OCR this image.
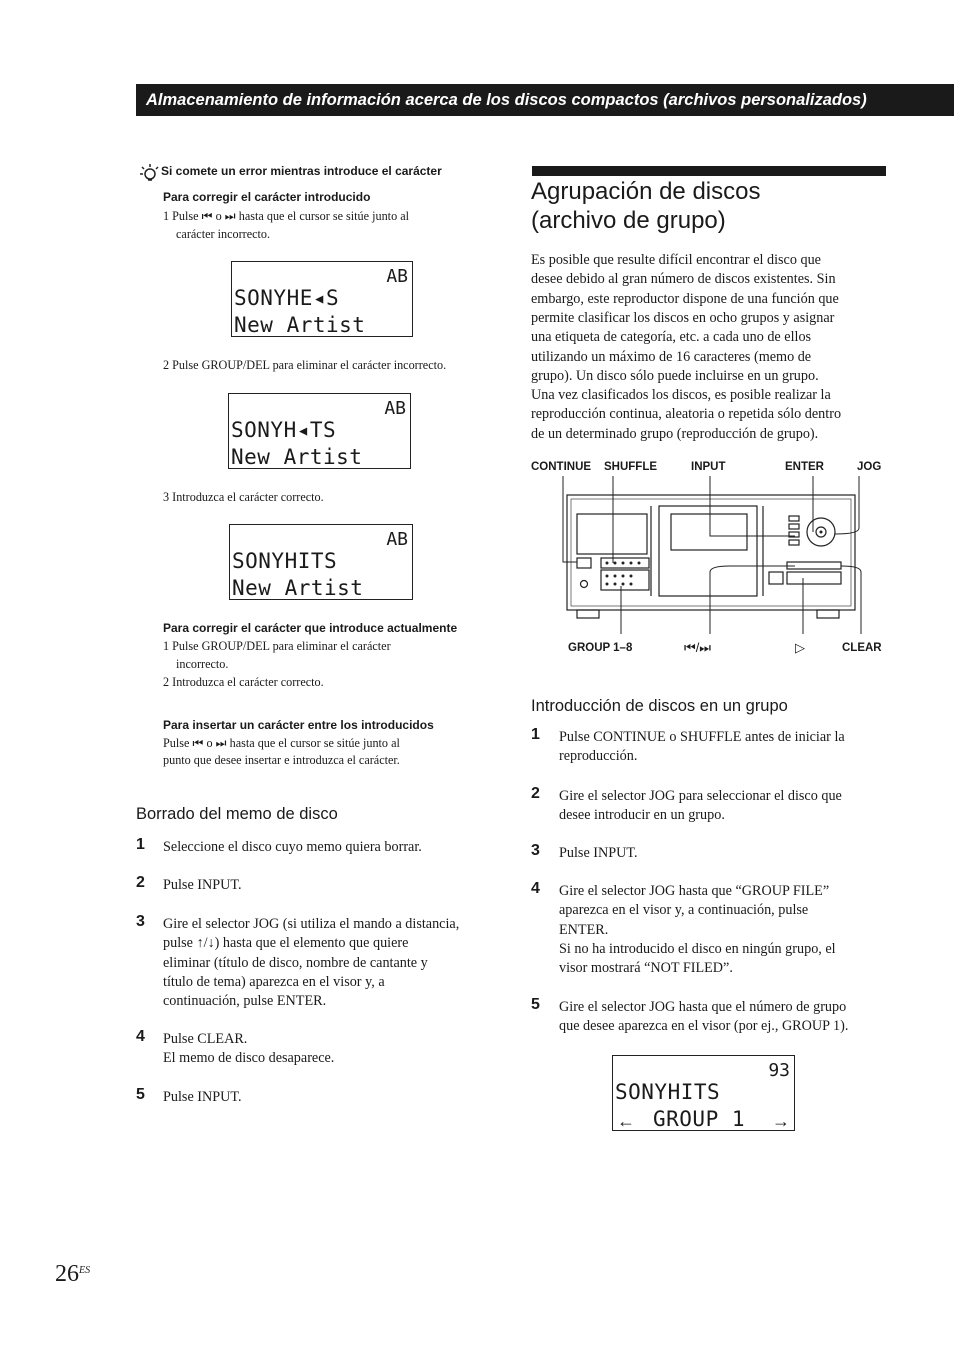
Almacenamiento de información acerca de los discos compactos (archivos personalizados)
Si comete un error mientras introduce el carácter
Para corregir el carácter introducido
1 Pulse ⏮ o ⏭ hasta que el cursor se sitúe junto al
carácter incorrecto.
AB
SONYHE◂S
New Artist
2 Pulse GROUP/DEL para eliminar el carácter incorrecto.
AB
SONYH◂TS
New Artist
3 Introduzca el carácter correcto.
AB
SONYHITS
New Artist
Para corregir el carácter que introduce actualmente
1 Pulse GROUP/DEL para eliminar el carácter
incorrecto.
2 Introduzca el carácter correcto.
Para insertar un carácter entre los introducidos
Pulse ⏮ o ⏭ hasta que el cursor se sitúe junto al
punto que desee insertar e introduzca el carácter.
Borrado del memo de disco
1 Seleccione el disco cuyo memo quiera borrar.
2 Pulse INPUT.
3 Gire el selector JOG (si utiliza el mando a distancia,
pulse ↑/↓) hasta que el elemento que quiere
eliminar (título de disco, nombre de cantante y
título de tema) aparezca en el visor y, a
continuación, pulse ENTER.
4 Pulse CLEAR.
El memo de disco desaparece.
5 Pulse INPUT.
Agrupación de discos
(archivo de grupo)
Es posible que resulte difícil encontrar el disco que
desee debido al gran número de discos existentes. Sin
embargo, este reproductor dispone de una función que
permite clasificar los discos en ocho grupos y asignar
una etiqueta de categoría, etc. a cada uno de ellos
utilizando un máximo de 16 caracteres (memo de
grupo). Un disco sólo puede incluirse en un grupo.
Una vez clasificados los discos, es posible realizar la
reproducción continua, aleatoria o repetida sólo dentro
de un determinado grupo (reproducción de grupo).
CONTINUE SHUFFLE	INPUT	ENTER	JOG
GROUP 1–8	⏮/⏭	▷	CLEAR
Introducción de discos en un grupo
1 Pulse CONTINUE o SHUFFLE antes de iniciar la
reproducción.
2 Gire el selector JOG para seleccionar el disco que
desee introducir en un grupo.
3 Pulse INPUT.
4 Gire el selector JOG hasta que “GROUP FILE”
aparezca en el visor y, a continuación, pulse
ENTER.
Si no ha introducido el disco en ningún grupo, el
visor mostrará “NOT FILED”.
5 Gire el selector JOG hasta que el número de grupo
que desee aparezca en el visor (por ej., GROUP 1).
93
SONYHITS
GROUP 1
←	→
$26^{ES}$
